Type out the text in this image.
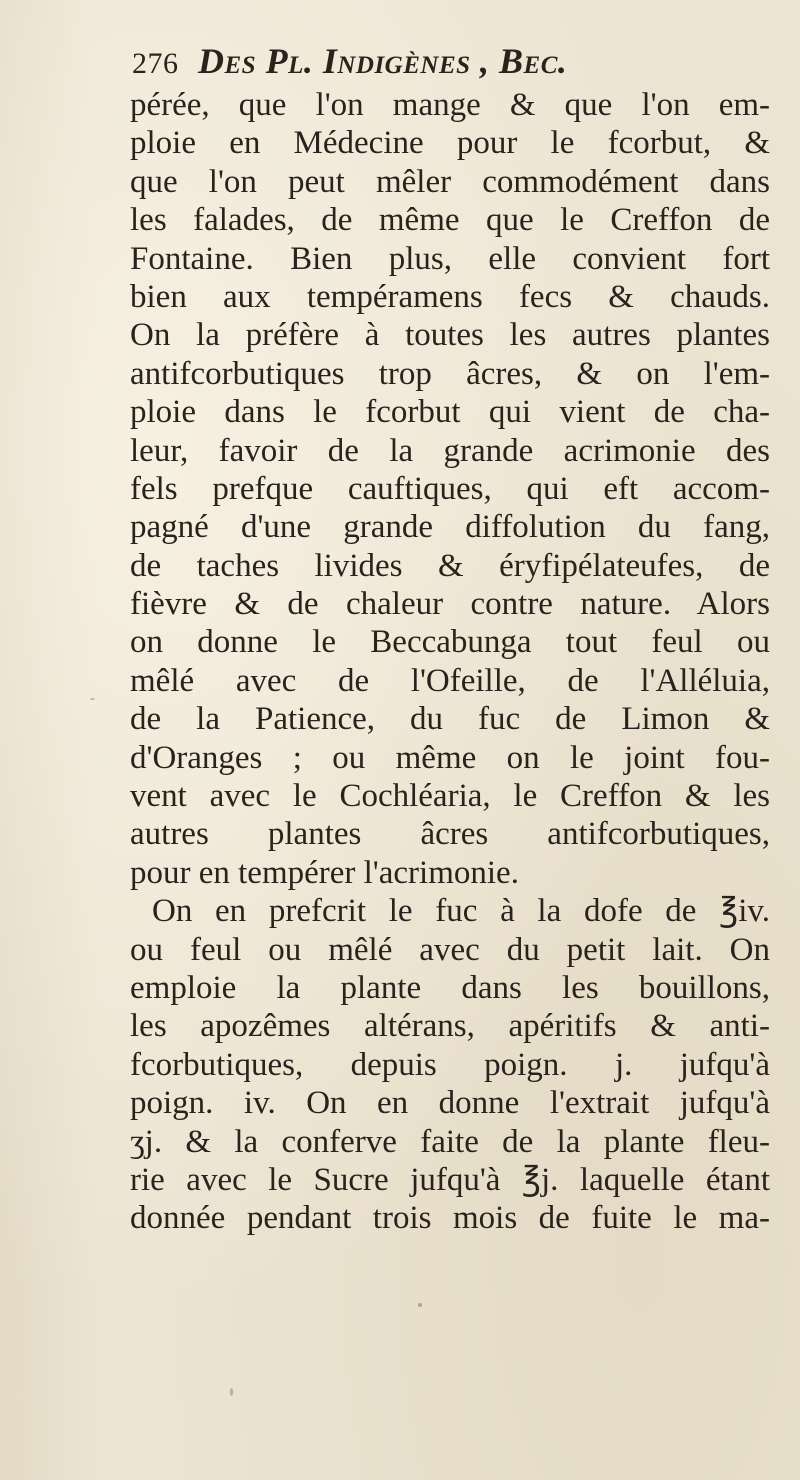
276 Des Pl. Indigènes , Bec.
pérée, que l'on mange & que l'on em-
ploie en Médecine pour le fcorbut, &
que l'on peut mêler commodément dans
les falades, de même que le Creffon de
Fontaine. Bien plus, elle convient fort
bien aux tempéramens fecs & chauds.
On la préfère à toutes les autres plantes
antifcorbutiques trop âcres, & on l'em-
ploie dans le fcorbut qui vient de cha-
leur, favoir de la grande acrimonie des
fels prefque cauftiques, qui eft accom-
pagné d'une grande diffolution du fang,
de taches livides & éryfipélateufes, de
fièvre & de chaleur contre nature. Alors
on donne le Beccabunga tout feul ou
mêlé avec de l'Ofeille, de l'Alléluia,
de la Patience, du fuc de Limon &
d'Oranges ; ou même on le joint fou-
vent avec le Cochléaria, le Creffon & les
autres plantes âcres antifcorbutiques,
pour en tempérer l'acrimonie.
On en prefcrit le fuc à la dofe de ℥iv.
ou feul ou mêlé avec du petit lait. On
emploie la plante dans les bouillons,
les apozêmes altérans, apéritifs & anti-
fcorbutiques, depuis poign. j. jufqu'à
poign. iv. On en donne l'extrait jufqu'à
ʒj. & la conferve faite de la plante fleu-
rie avec le Sucre jufqu'à ℥j. laquelle étant
donnée pendant trois mois de fuite le ma-
